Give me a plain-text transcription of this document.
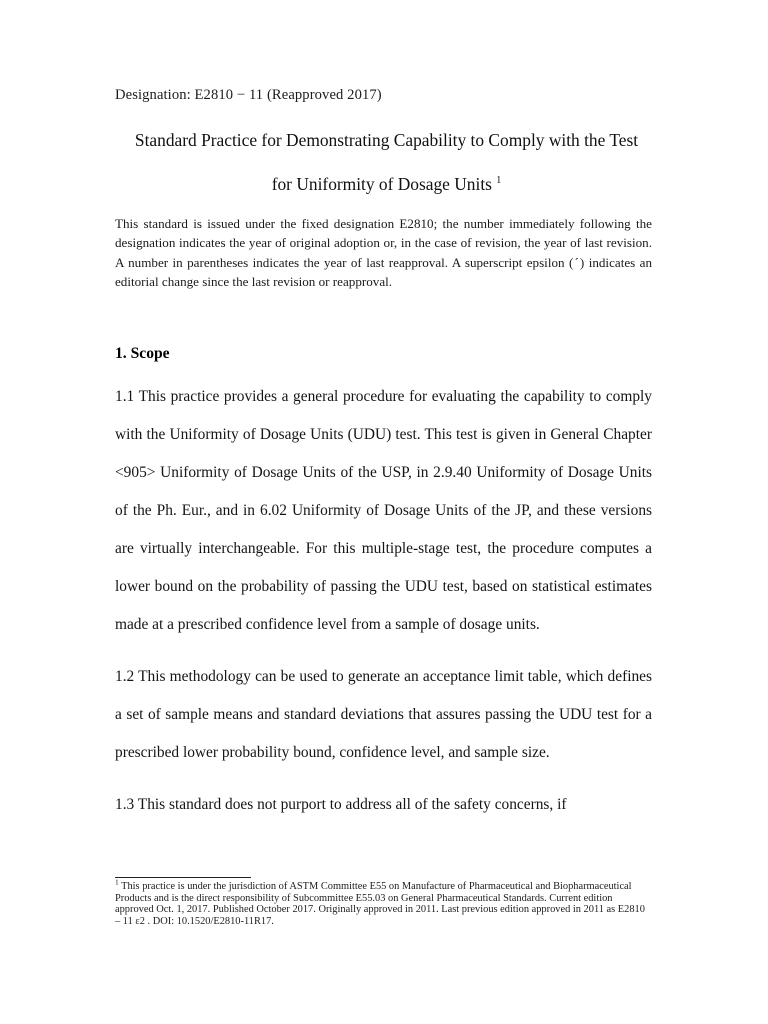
Designation: E2810 − 11 (Reapproved 2017)

Standard Practice for Demonstrating Capability to Comply with the Test
for Uniformity of Dosage Units $^1$

This standard is issued under the fixed designation E2810; the number immediately following the designation indicates the year of original adoption or, in the case of revision, the year of last revision. A number in parentheses indicates the year of last reapproval. A superscript epsilon (ˊ) indicates an editorial change since the last revision or reapproval.

1. Scope

1.1 This practice provides a general procedure for evaluating the capability to comply with the Uniformity of Dosage Units (UDU) test. This test is given in General Chapter <905> Uniformity of Dosage Units of the USP, in 2.9.40 Uniformity of Dosage Units of the Ph. Eur., and in 6.02 Uniformity of Dosage Units of the JP, and these versions are virtually interchangeable. For this multiple-stage test, the procedure computes a lower bound on the probability of passing the UDU test, based on statistical estimates made at a prescribed confidence level from a sample of dosage units.

1.2 This methodology can be used to generate an acceptance limit table, which defines a set of sample means and standard deviations that assures passing the UDU test for a prescribed lower probability bound, confidence level, and sample size.

1.3 This standard does not purport to address all of the safety concerns, if

$^1$ This practice is under the jurisdiction of ASTM Committee E55 on Manufacture of Pharmaceutical and Biopharmaceutical Products and is the direct responsibility of Subcommittee E55.03 on General Pharmaceutical Standards. Current edition approved Oct. 1, 2017. Published October 2017. Originally approved in 2011. Last previous edition approved in 2011 as E2810 – 11 ε2 . DOI: 10.1520/E2810-11R17.
